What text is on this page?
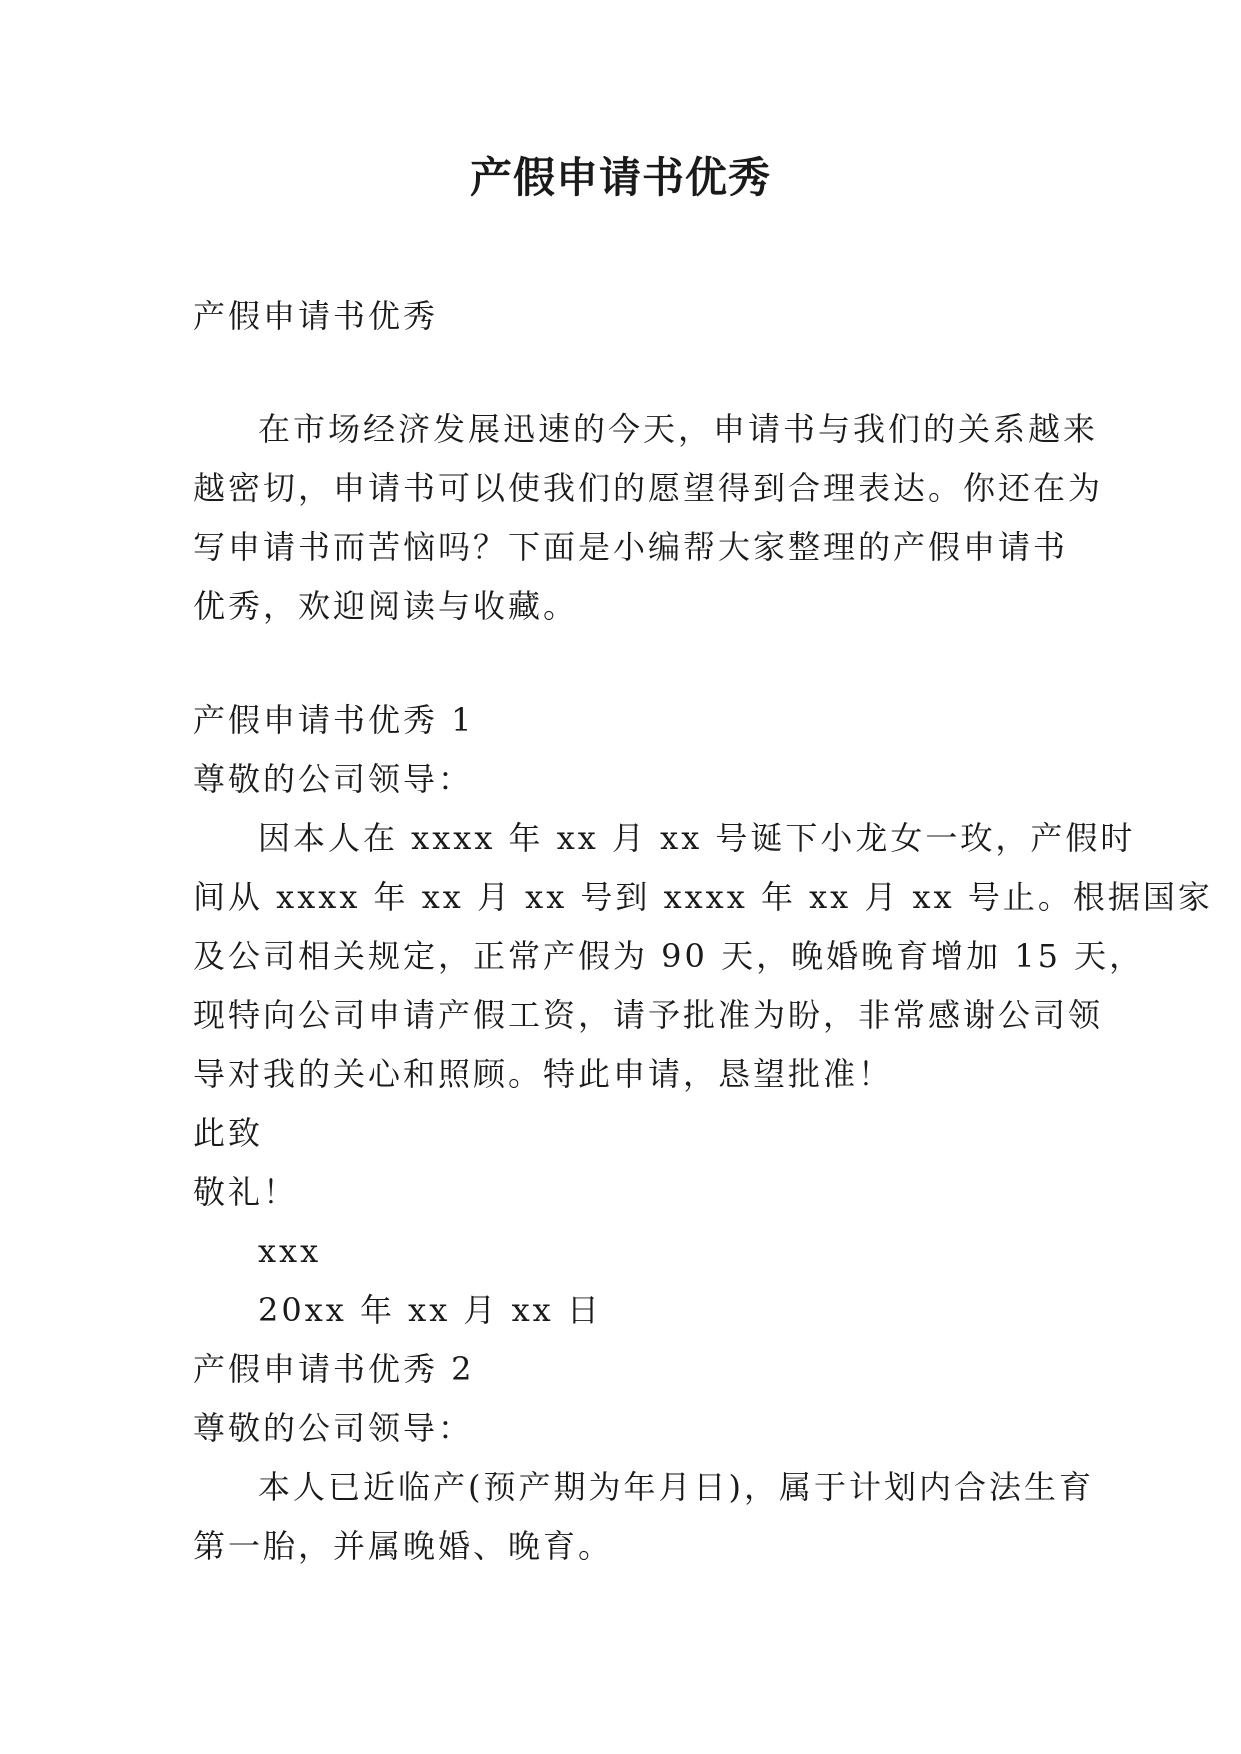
产假申请书优秀
产假申请书优秀
在市场经济发展迅速的今天，申请书与我们的关系越来
越密切，申请书可以使我们的愿望得到合理表达。你还在为
写申请书而苦恼吗？下面是小编帮大家整理的产假申请书
优秀，欢迎阅读与收藏。
产假申请书优秀 1
尊敬的公司领导：
因本人在 xxxx 年 xx 月 xx 号诞下小龙女一玫，产假时
间从 xxxx 年 xx 月 xx 号到 xxxx 年 xx 月 xx 号止。根据国家
及公司相关规定，正常产假为 90 天，晚婚晚育增加 15 天，
现特向公司申请产假工资，请予批准为盼，非常感谢公司领
导对我的关心和照顾。特此申请，恳望批准！
此致
敬礼！
xxx
20xx 年 xx 月 xx 日
产假申请书优秀 2
尊敬的公司领导：
本人已近临产(预产期为年月日)，属于计划内合法生育
第一胎，并属晚婚、晚育。
